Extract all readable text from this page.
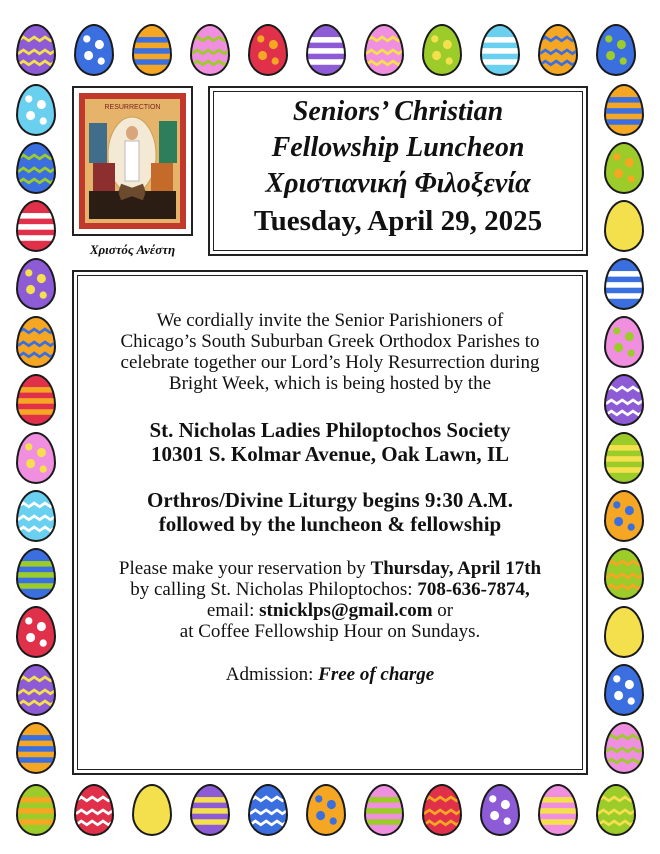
RESURRECTION
Χριστός Ανέστη
Seniors’ Christian
Fellowship Luncheon
Χριστιανική Φιλοξενία
Tuesday, April 29, 2025
We cordially invite the Senior Parishioners of
Chicago’s South Suburban Greek Orthodox Parishes to
celebrate together our Lord’s Holy Resurrection during
Bright Week, which is being hosted by the
St. Nicholas Ladies Philoptochos Society
10301 S. Kolmar Avenue, Oak Lawn, IL
Orthros/Divine Liturgy begins 9:30 A.M.
followed by the luncheon & fellowship
Please make your reservation by Thursday, April 17th
by calling St. Nicholas Philoptochos: 708-636-7874,
email: stnicklps@gmail.com or
at Coffee Fellowship Hour on Sundays.
Admission: Free of charge
